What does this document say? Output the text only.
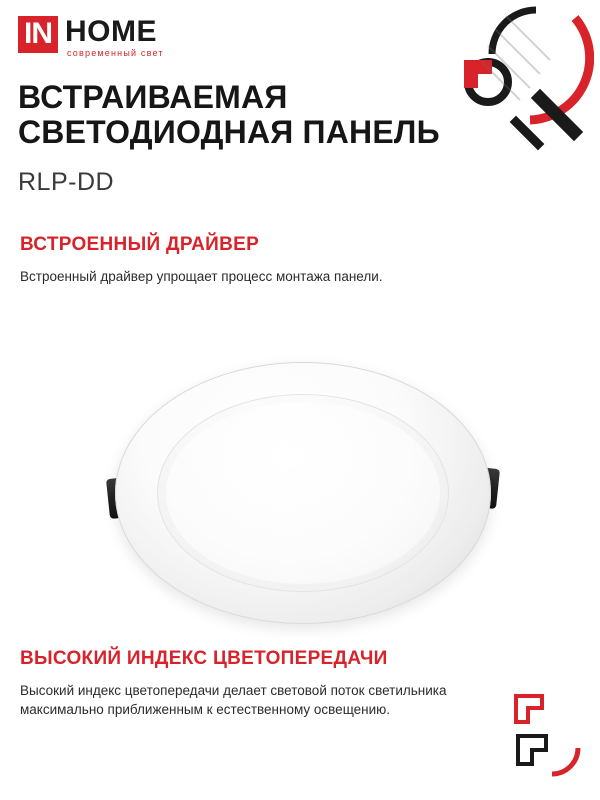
IN HOME
современный свет
ВСТРАИВАЕМАЯ СВЕТОДИОДНАЯ ПАНЕЛЬ
RLP-DD
ВСТРОЕННЫЙ ДРАЙВЕР
Встроенный драйвер упрощает процесс монтажа панели.
ВЫСОКИЙ ИНДЕКС ЦВЕТОПЕРЕДАЧИ
Высокий индекс цветопередачи делает световой поток светильника максимально приближенным к естественному освещению.
